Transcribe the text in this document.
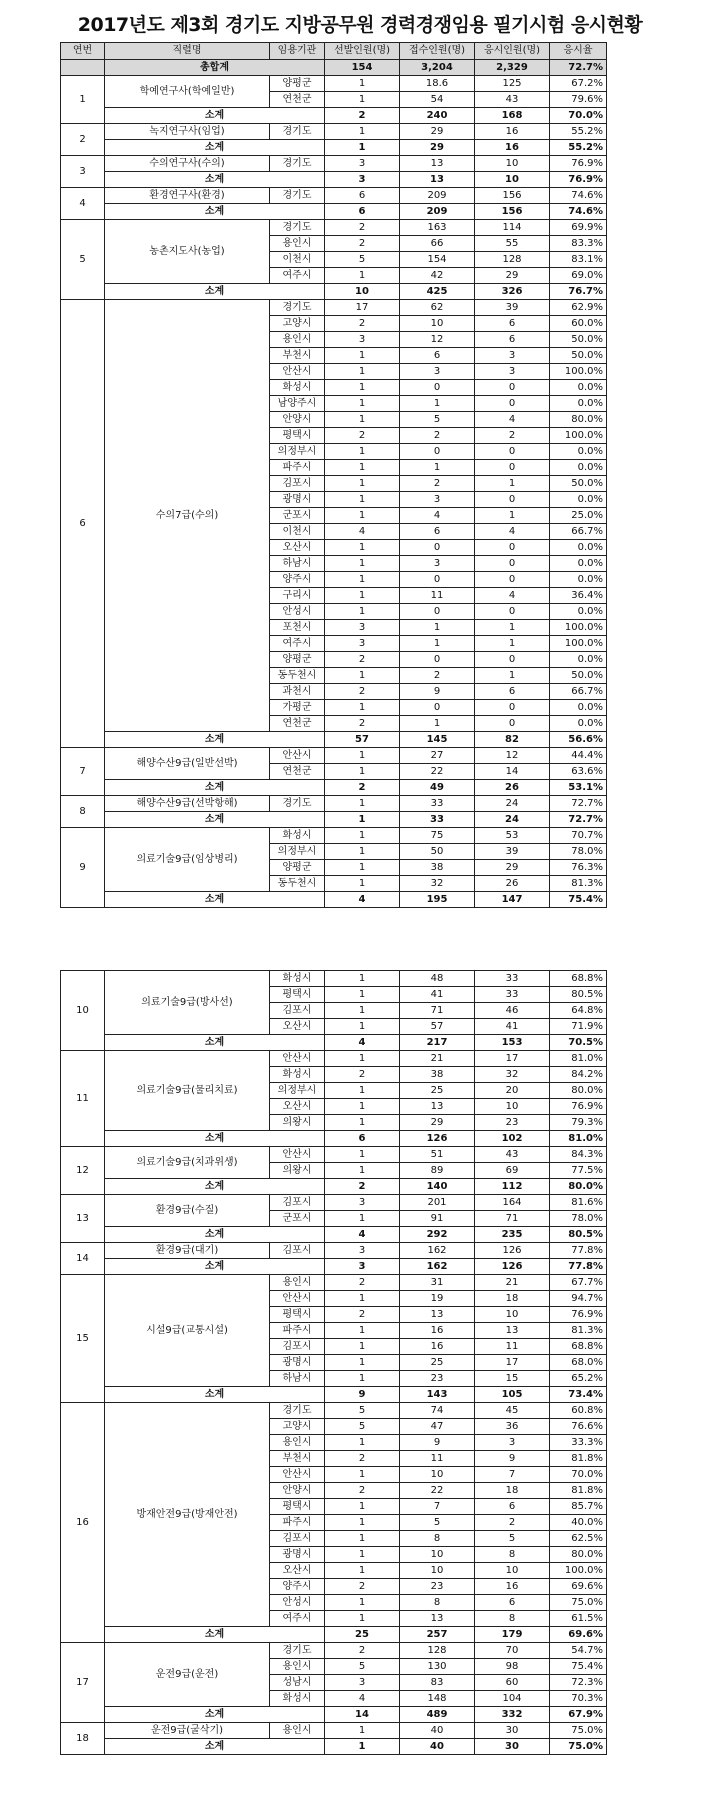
2017년도 제3회 경기도 지방공무원 경력경쟁임용 필기시험 응시현황
연번	직렬명	임용기관	선발인원(명)	접수인원(명)	응시인원(명)	응시율
	총합계		154	3,204	2,329	72.7%
1	학예연구사(학예일반)	양평군	1	18.6	125	67.2%
		연천군	1	54	43	79.6%
	소계		2	240	168	70.0%
2	녹지연구사(임업)	경기도	1	29	16	55.2%
	소계		1	29	16	55.2%
3	수의연구사(수의)	경기도	3	13	10	76.9%
	소계		3	13	10	76.9%
4	환경연구사(환경)	경기도	6	209	156	74.6%
	소계		6	209	156	74.6%
5	농촌지도사(농업)	경기도	2	163	114	69.9%
		용인시	2	66	55	83.3%
		이천시	5	154	128	83.1%
		여주시	1	42	29	69.0%
	소계		10	425	326	76.7%
6	수의7급(수의)	경기도	17	62	39	62.9%
		고양시	2	10	6	60.0%
		용인시	3	12	6	50.0%
		부천시	1	6	3	50.0%
		안산시	1	3	3	100.0%
		화성시	1	0	0	0.0%
		남양주시	1	1	0	0.0%
		안양시	1	5	4	80.0%
		평택시	2	2	2	100.0%
		의정부시	1	0	0	0.0%
		파주시	1	1	0	0.0%
		김포시	1	2	1	50.0%
		광명시	1	3	0	0.0%
		군포시	1	4	1	25.0%
		이천시	4	6	4	66.7%
		오산시	1	0	0	0.0%
		하남시	1	3	0	0.0%
		양주시	1	0	0	0.0%
		구리시	1	11	4	36.4%
		안성시	1	0	0	0.0%
		포천시	3	1	1	100.0%
		여주시	3	1	1	100.0%
		양평군	2	0	0	0.0%
		동두천시	1	2	1	50.0%
		과천시	2	9	6	66.7%
		가평군	1	0	0	0.0%
		연천군	2	1	0	0.0%
	소계		57	145	82	56.6%
7	해양수산9급(일반선박)	안산시	1	27	12	44.4%
		연천군	1	22	14	63.6%
	소계		2	49	26	53.1%
8	해양수산9급(선박항해)	경기도	1	33	24	72.7%
	소계		1	33	24	72.7%
9	의료기술9급(임상병리)	화성시	1	75	53	70.7%
		의정부시	1	50	39	78.0%
		양평군	1	38	29	76.3%
		동두천시	1	32	26	81.3%
	소계		4	195	147	75.4%
10	의료기술9급(방사선)	화성시	1	48	33	68.8%
		평택시	1	41	33	80.5%
		김포시	1	71	46	64.8%
		오산시	1	57	41	71.9%
	소계		4	217	153	70.5%
11	의료기술9급(물리치료)	안산시	1	21	17	81.0%
		화성시	2	38	32	84.2%
		의정부시	1	25	20	80.0%
		오산시	1	13	10	76.9%
		의왕시	1	29	23	79.3%
	소계		6	126	102	81.0%
12	의료기술9급(치과위생)	안산시	1	51	43	84.3%
		의왕시	1	89	69	77.5%
	소계		2	140	112	80.0%
13	환경9급(수질)	김포시	3	201	164	81.6%
		군포시	1	91	71	78.0%
	소계		4	292	235	80.5%
14	환경9급(대기)	김포시	3	162	126	77.8%
	소계		3	162	126	77.8%
15	시설9급(교통시설)	용인시	2	31	21	67.7%
		안산시	1	19	18	94.7%
		평택시	2	13	10	76.9%
		파주시	1	16	13	81.3%
		김포시	1	16	11	68.8%
		광명시	1	25	17	68.0%
		하남시	1	23	15	65.2%
	소계		9	143	105	73.4%
16	방재안전9급(방재안전)	경기도	5	74	45	60.8%
		고양시	5	47	36	76.6%
		용인시	1	9	3	33.3%
		부천시	2	11	9	81.8%
		안산시	1	10	7	70.0%
		안양시	2	22	18	81.8%
		평택시	1	7	6	85.7%
		파주시	1	5	2	40.0%
		김포시	1	8	5	62.5%
		광명시	1	10	8	80.0%
		오산시	1	10	10	100.0%
		양주시	2	23	16	69.6%
		안성시	1	8	6	75.0%
		여주시	1	13	8	61.5%
	소계		25	257	179	69.6%
17	운전9급(운전)	경기도	2	128	70	54.7%
		용인시	5	130	98	75.4%
		성남시	3	83	60	72.3%
		화성시	4	148	104	70.3%
	소계		14	489	332	67.9%
18	운전9급(굴삭기)	용인시	1	40	30	75.0%
	소계		1	40	30	75.0%
